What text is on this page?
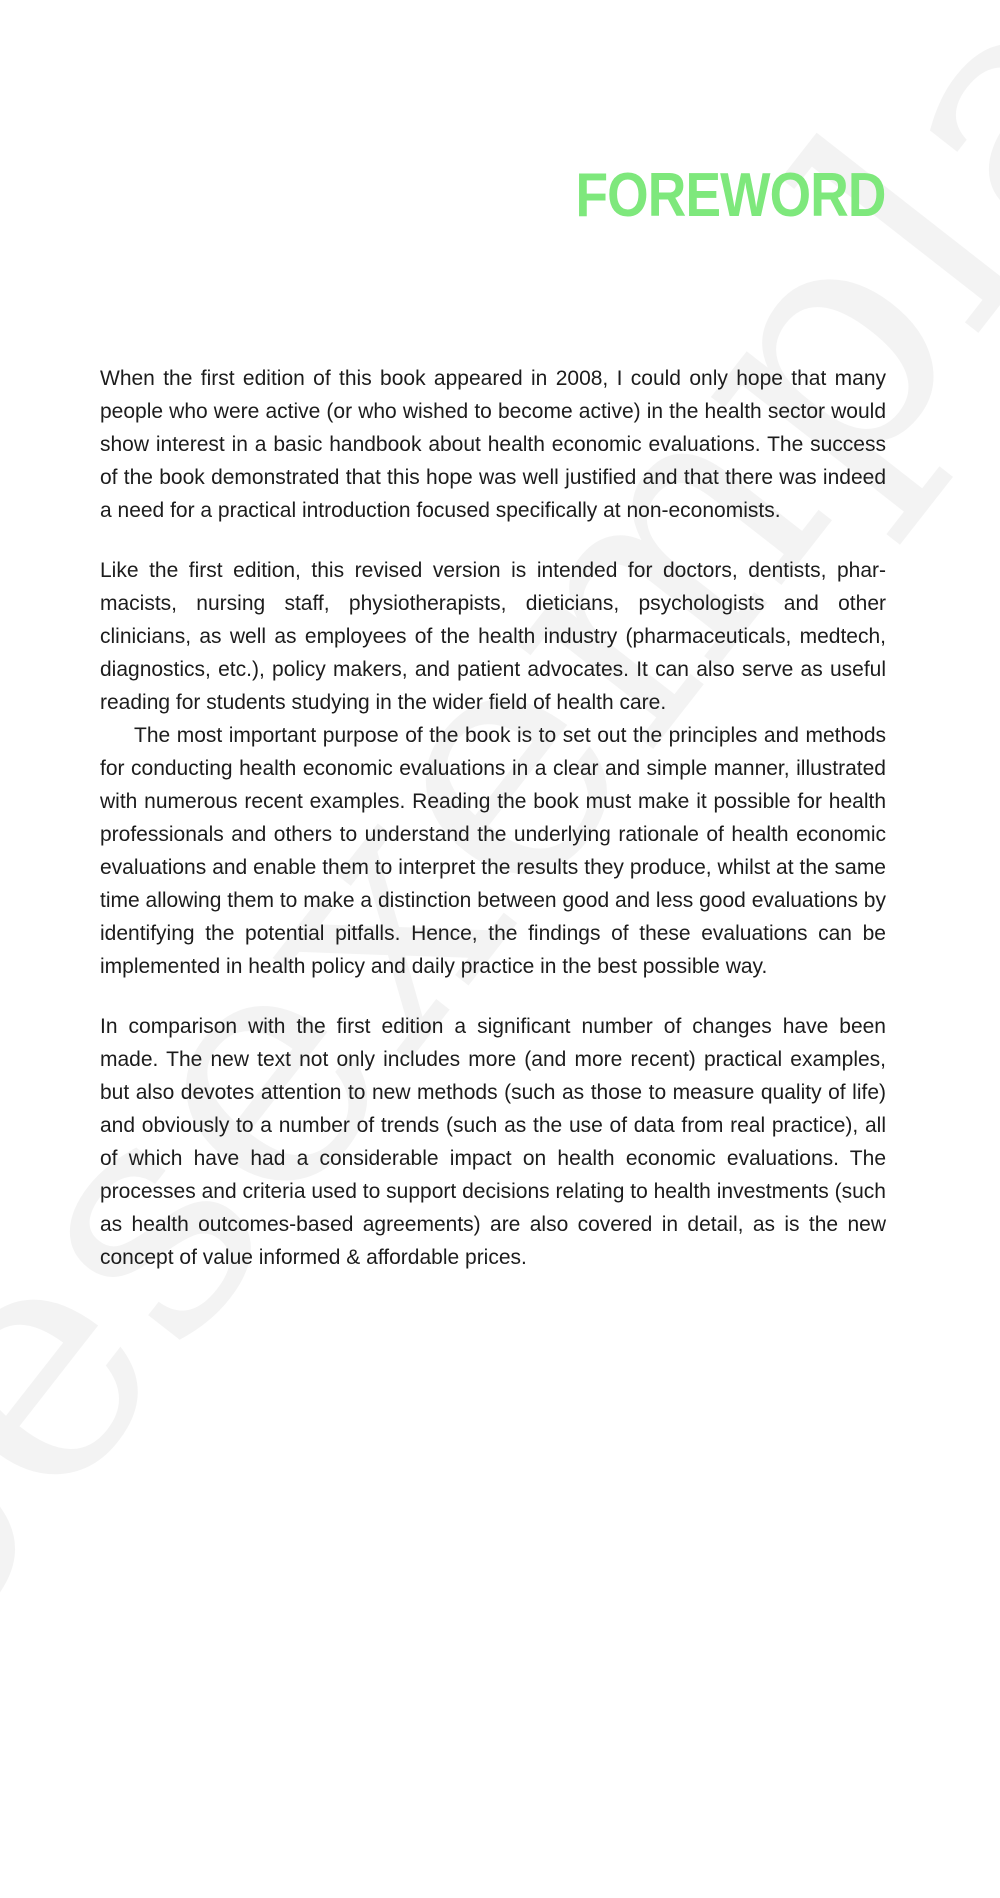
FOREWORD

When the first edition of this book appeared in 2008, I could only hope that many people who were active (or who wished to become active) in the health sector would show interest in a basic handbook about health economic evaluations. The success of the book demonstrated that this hope was well justified and that there was indeed a need for a practical introduction focused specifically at non-economists.

Like the first edition, this revised version is intended for doctors, dentists, pharmacists, nursing staff, physiotherapists, dieticians, psychologists and other clinicians, as well as employees of the health industry (pharmaceuticals, medtech, diagnostics, etc.), policy makers, and patient advocates. It can also serve as useful reading for students studying in the wider field of health care.

The most important purpose of the book is to set out the principles and methods for conducting health economic evaluations in a clear and simple manner, illustrated with numerous recent examples. Reading the book must make it possible for health professionals and others to understand the underlying rationale of health economic evaluations and enable them to interpret the results they produce, whilst at the same time allowing them to make a distinction between good and less good evaluations by identifying the potential pitfalls. Hence, the findings of these evaluations can be implemented in health policy and daily practice in the best possible way.

In comparison with the first edition a significant number of changes have been made. The new text not only includes more (and more recent) practical examples, but also devotes attention to new methods (such as those to measure quality of life) and obviously to a number of trends (such as the use of data from real practice), all of which have had a considerable impact on health economic evaluations. The processes and criteria used to support decisions relating to health investments (such as health outcomes-based agreements) are also covered in detail, as is the new concept of value informed & affordable prices.
